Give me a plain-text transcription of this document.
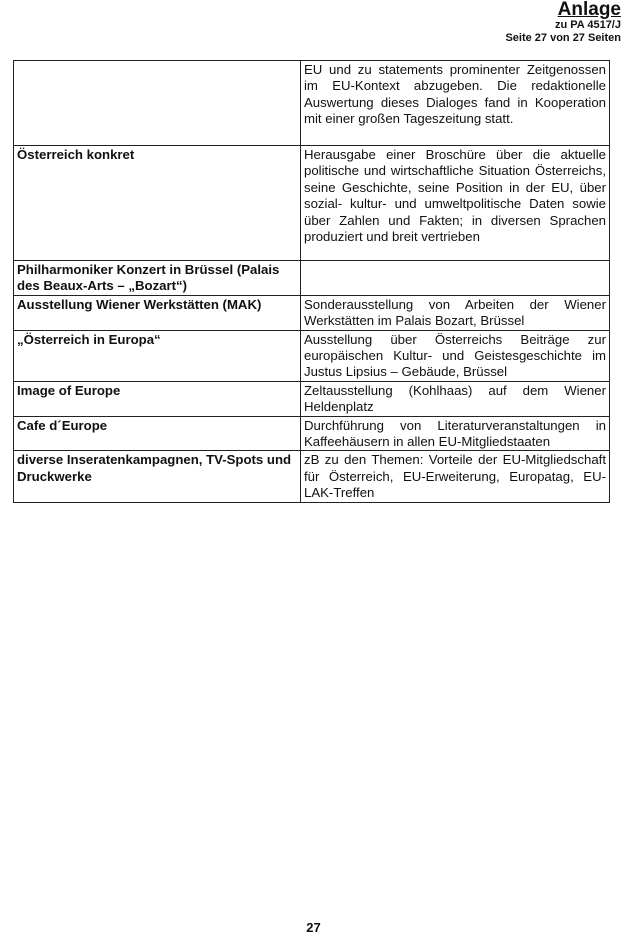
Anlage
zu PA 4517/J
Seite 27 von 27 Seiten
	EU und zu statements prominenter Zeitgenossen im EU-Kontext abzugeben. Die redaktionelle Auswertung dieses Dialoges fand in Kooperation mit einer großen Tageszeitung statt.
Österreich konkret	Herausgabe einer Broschüre über die aktuelle politische und wirtschaftliche Situation Österreichs, seine Geschichte, seine Position in der EU, über sozial- kultur- und umweltpolitische Daten sowie über Zahlen und Fakten; in diversen Sprachen produziert und breit vertrieben
Philharmoniker Konzert in Brüssel (Palais des Beaux-Arts – „Bozart“)	
Ausstellung Wiener Werkstätten (MAK)	Sonderausstellung von Arbeiten der Wiener Werkstätten im Palais Bozart, Brüssel
„Österreich in Europa“	Ausstellung über Österreichs Beiträge zur europäischen Kultur- und Geistesgeschichte im Justus Lipsius – Gebäude, Brüssel
Image of Europe	Zeltausstellung (Kohlhaas) auf dem Wiener Heldenplatz
Cafe d´Europe	Durchführung von Literaturveranstaltungen in Kaffeehäusern in allen EU-Mitgliedstaaten
diverse Inseratenkampagnen, TV-Spots und Druckwerke	zB zu den Themen: Vorteile der EU-Mitgliedschaft für Österreich, EU-Erweiterung, Europatag, EU-LAK-Treffen
27
